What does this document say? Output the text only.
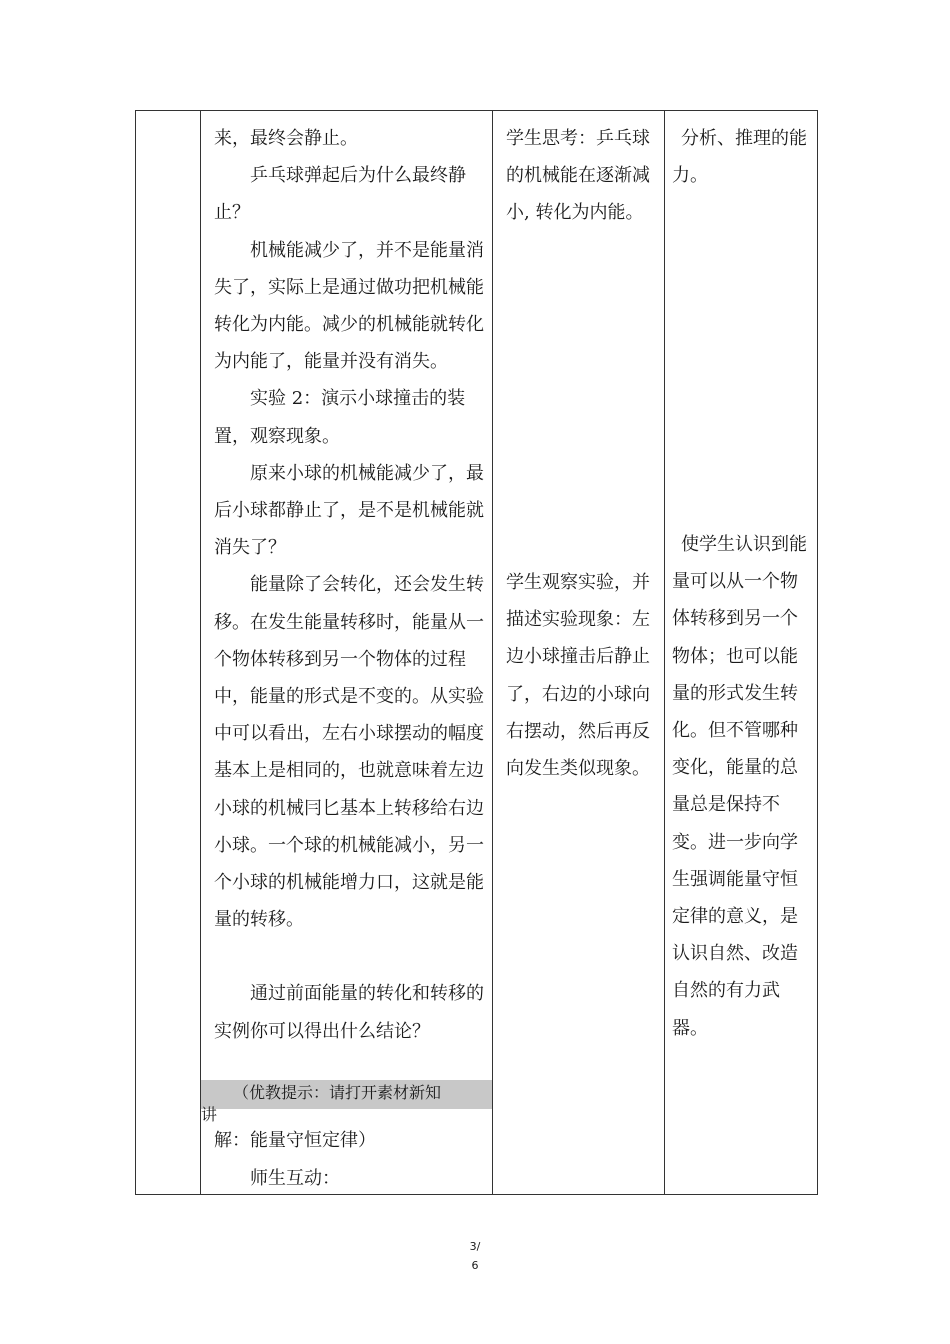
来，最终会静止。

乒乓球弹起后为什么最终静止？

机械能减少了，并不是能量消失了，实际上是通过做功把机械能转化为内能。减少的机械能就转化为内能了，能量并没有消失。

实验 2：演示小球撞击的装置，观察现象。

原来小球的机械能减少了，最后小球都静止了，是不是机械能就消失了？

能量除了会转化，还会发生转移。在发生能量转移时，能量从一个物体转移到另一个物体的过程中，能量的形式是不变的。从实验中可以看出，左右小球摆动的幅度基本上是相同的，也就意味着左边小球的机械冃匕基本上转移给右边小球。一个球的机械能减小，另一个小球的机械能增力口，这就是能量的转移。

通过前面能量的转化和转移的实例你可以得出什么结论？

（优教提示：请打开素材新知
讲

解：能量守恒定律）

师生互动：

学生思考：乒乓球的机械能在逐渐减小, 转化为内能。

学生观察实验，并描述实验现象：左边小球撞击后静止了，右边的小球向右摆动，然后再反向发生类似现象。

分析、推理的能力。

使学生认识到能量可以从一个物体转移到另一个物体；也可以能量的形式发生转化。但不管哪种变化，能量的总量总是保持不变。进一步向学生强调能量守恒定律的意义，是认识自然、改造自然的有力武器。

3/
6
